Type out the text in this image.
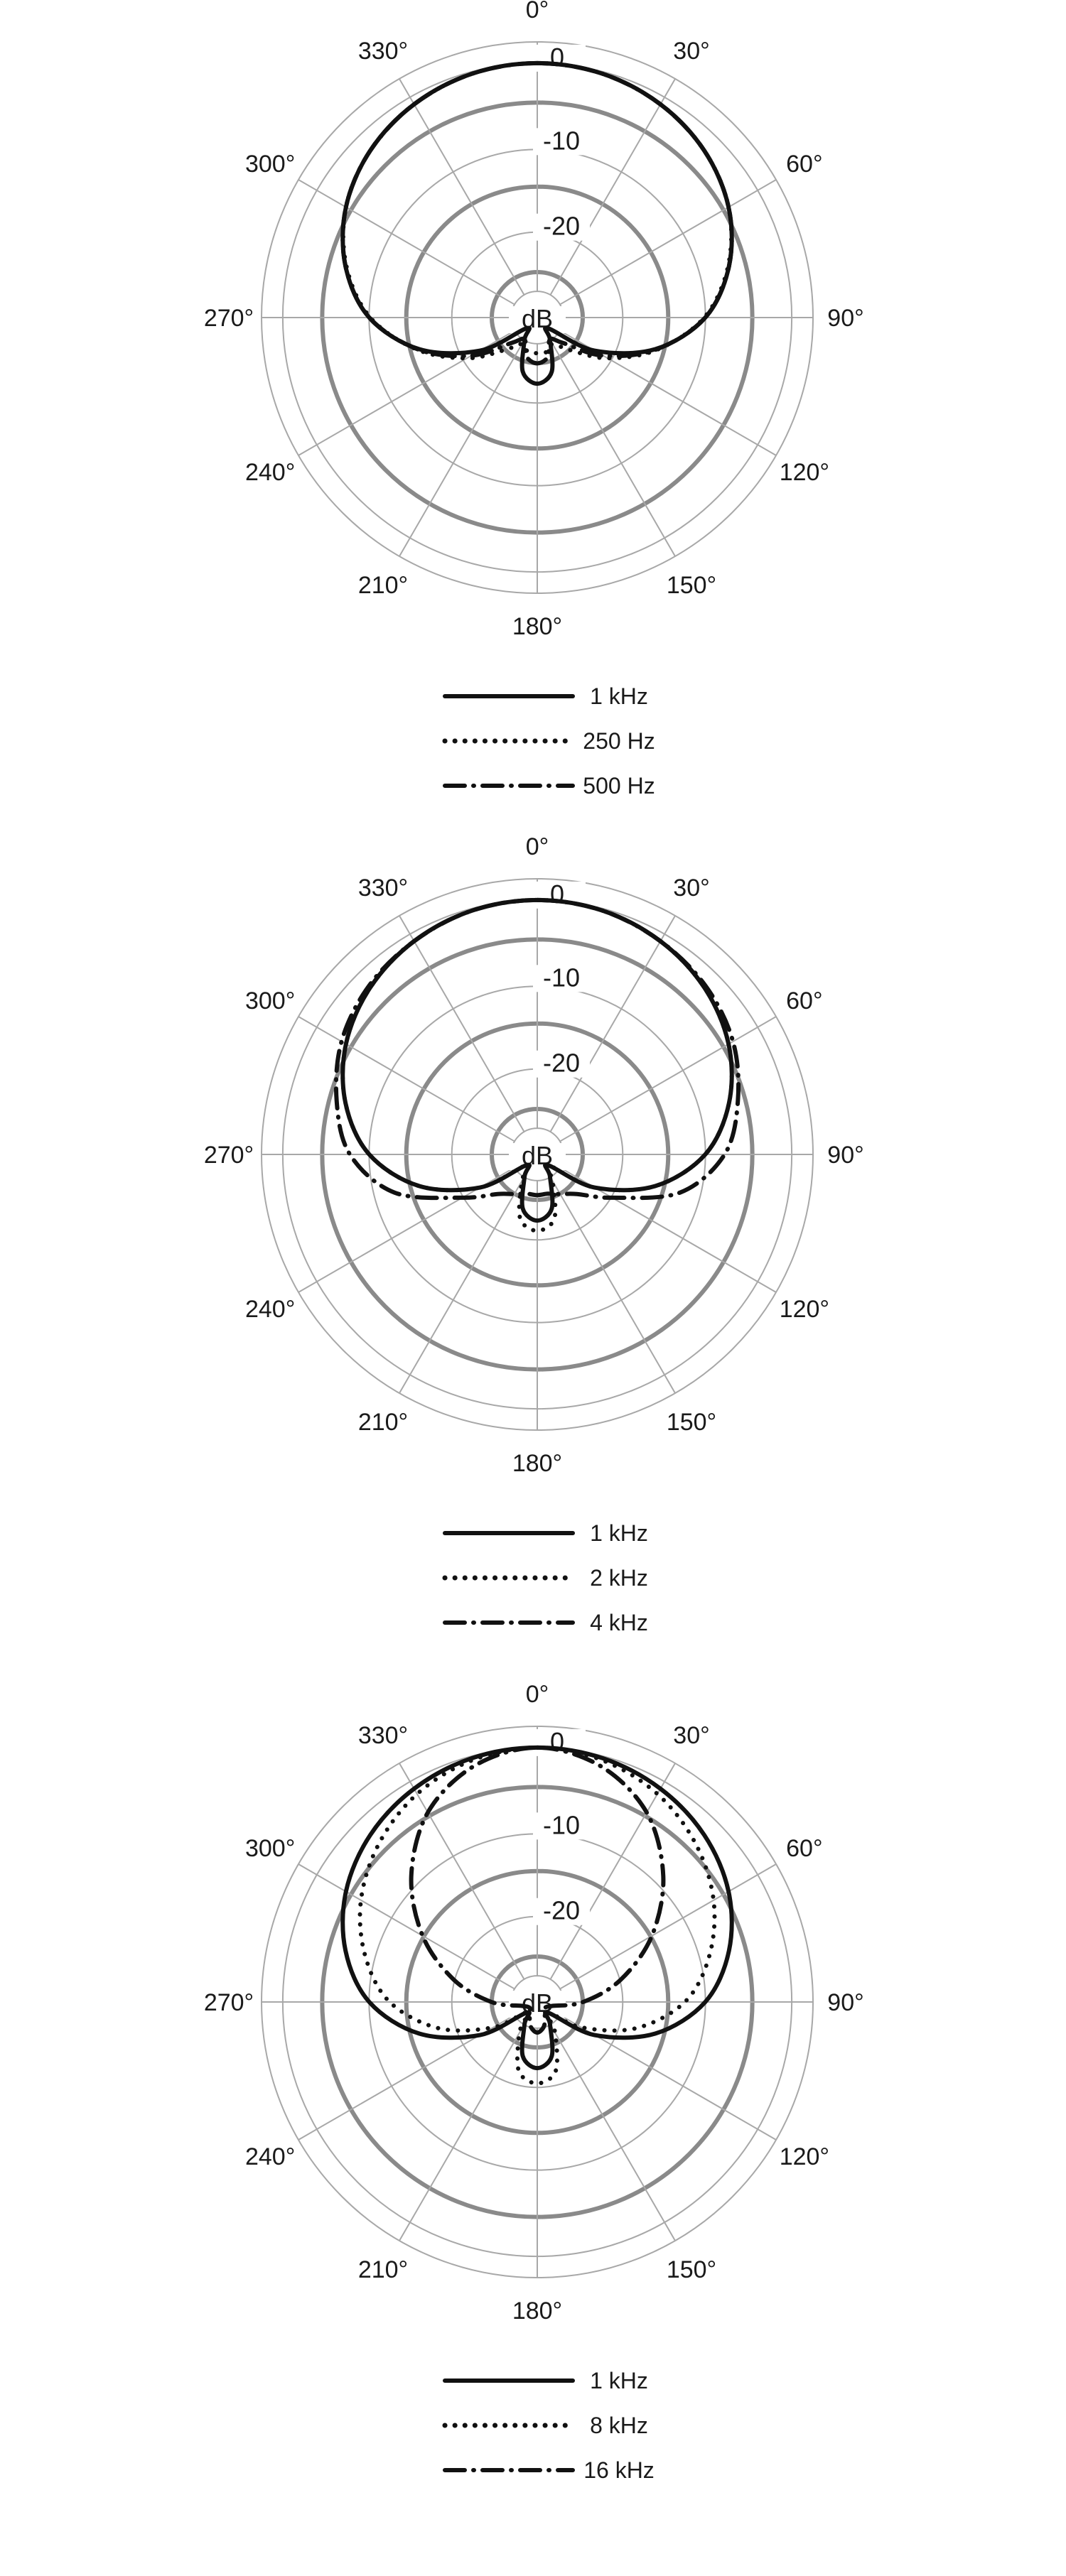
0°
30°
60°
90°
120°
150°
180°
210°
240°
270°
300°
330°	0
-10
-20
dB
1 kHz
250 Hz
500 Hz
0°
30°
60°
90°
120°
150°
180°
210°
240°
270°
300°
330°	0
-10
-20
dB
1 kHz
2 kHz
4 kHz
0°
30°
60°
90°
120°
150°
180°
210°
240°
270°
300°
330°	0
-10
-20
dB
1 kHz
8 kHz
16 kHz
